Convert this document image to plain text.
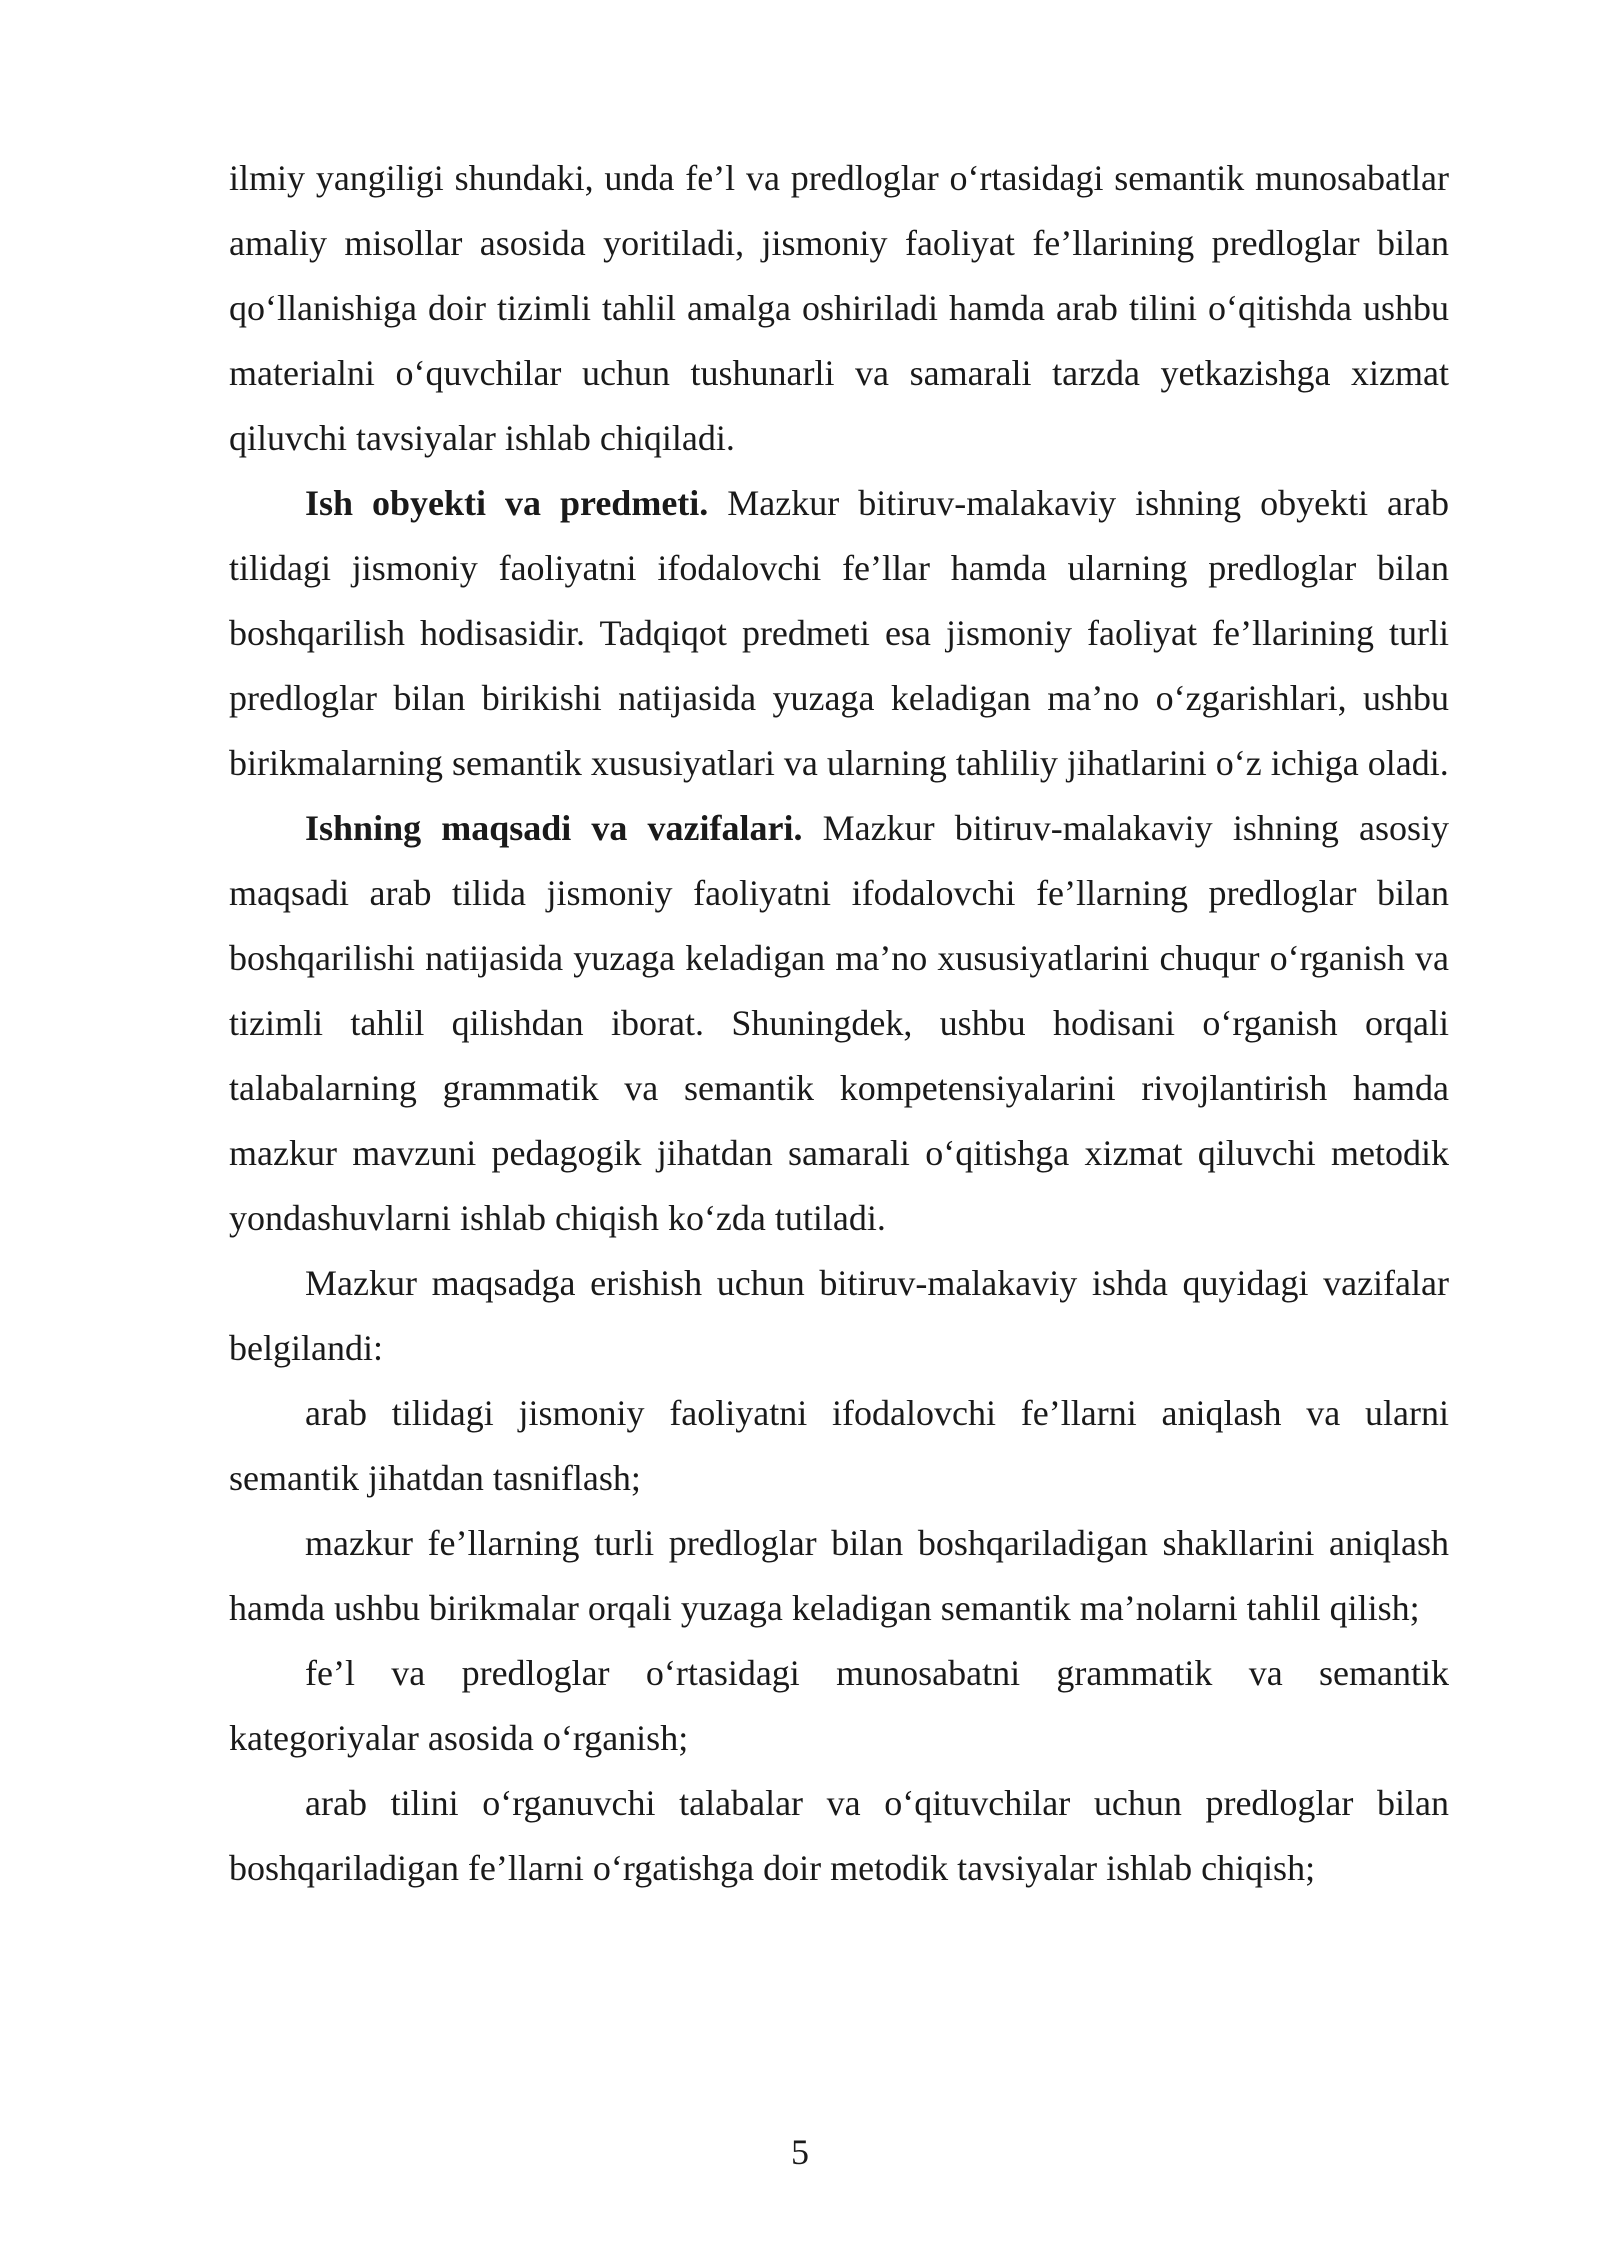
ilmiy yangiligi shundaki, unda fe’l va predloglar o‘rtasidagi semantik munosabatlar amaliy misollar asosida yoritiladi, jismoniy faoliyat fe’llarining predloglar bilan qo‘llanishiga doir tizimli tahlil amalga oshiriladi hamda arab tilini o‘qitishda ushbu materialni o‘quvchilar uchun tushunarli va samarali tarzda yetkazishga xizmat qiluvchi tavsiyalar ishlab chiqiladi.

Ish obyekti va predmeti. Mazkur bitiruv-malakaviy ishning obyekti arab tilidagi jismoniy faoliyatni ifodalovchi fe’llar hamda ularning predloglar bilan boshqarilish hodisasidir. Tadqiqot predmeti esa jismoniy faoliyat fe’llarining turli predloglar bilan birikishi natijasida yuzaga keladigan ma’no o‘zgarishlari, ushbu birikmalarning semantik xususiyatlari va ularning tahliliy jihatlarini o‘z ichiga oladi.

Ishning maqsadi va vazifalari. Mazkur bitiruv-malakaviy ishning asosiy maqsadi arab tilida jismoniy faoliyatni ifodalovchi fe’llarning predloglar bilan boshqarilishi natijasida yuzaga keladigan ma’no xususiyatlarini chuqur o‘rganish va tizimli tahlil qilishdan iborat. Shuningdek, ushbu hodisani o‘rganish orqali talabalarning grammatik va semantik kompetensiyalarini rivojlantirish hamda mazkur mavzuni pedagogik jihatdan samarali o‘qitishga xizmat qiluvchi metodik yondashuvlarni ishlab chiqish ko‘zda tutiladi.

Mazkur maqsadga erishish uchun bitiruv-malakaviy ishda quyidagi vazifalar belgilandi:

arab tilidagi jismoniy faoliyatni ifodalovchi fe’llarni aniqlash va ularni semantik jihatdan tasniflash;

mazkur fe’llarning turli predloglar bilan boshqariladigan shakllarini aniqlash hamda ushbu birikmalar orqali yuzaga keladigan semantik ma’nolarni tahlil qilish;

fe’l va predloglar o‘rtasidagi munosabatni grammatik va semantik kategoriyalar asosida o‘rganish;

arab tilini o‘rganuvchi talabalar va o‘qituvchilar uchun predloglar bilan boshqariladigan fe’llarni o‘rgatishga doir metodik tavsiyalar ishlab chiqish;

5
